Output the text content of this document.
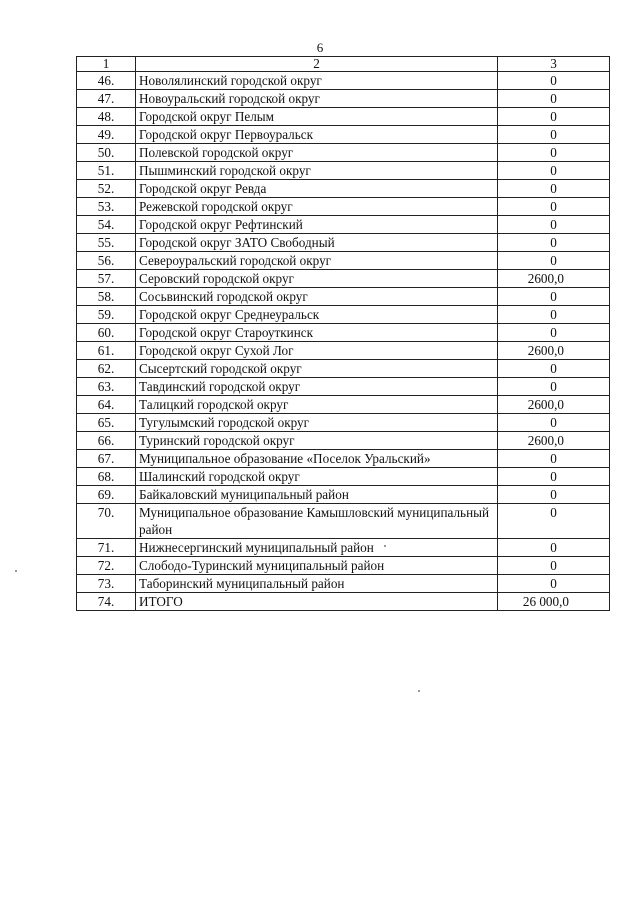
6
1	2	3
46.	Новолялинский городской округ	0
47.	Новоуральский городской округ	0
48.	Городской округ Пелым	0
49.	Городской округ Первоуральск	0
50.	Полевской городской округ	0
51.	Пышминский городской округ	0
52.	Городской округ Ревда	0
53.	Режевской городской округ	0
54.	Городской округ Рефтинский	0
55.	Городской округ ЗАТО Свободный	0
56.	Североуральский городской округ	0
57.	Серовский городской округ	2600,0
58.	Сосьвинский городской округ	0
59.	Городской округ Среднеуральск	0
60.	Городской округ Староуткинск	0
61.	Городской округ Сухой Лог	2600,0
62.	Сысертский городской округ	0
63.	Тавдинский городской округ	0
64.	Талицкий городской округ	2600,0
65.	Тугулымский городской округ	0
66.	Туринский городской округ	2600,0
67.	Муниципальное образование «Поселок Уральский»	0
68.	Шалинский городской округ	0
69.	Байкаловский муниципальный район	0
70.	Муниципальное образование Камышловский муниципальный район	0
71.	Нижнесергинский муниципальный район	0
72.	Слободо-Туринский муниципальный район	0
73.	Таборинский муниципальный район	0
74.	ИТОГО	26 000,0
